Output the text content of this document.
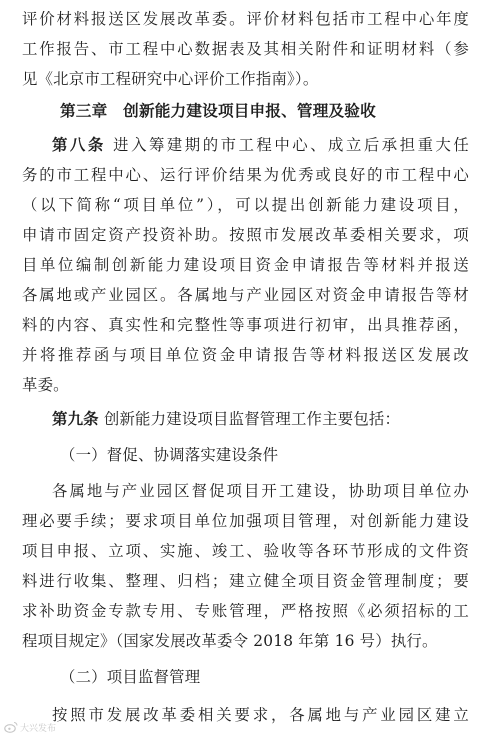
评价材料报送区发展改革委。评价材料包括市工程中心年度
工作报告、市工程中心数据表及其相关附件和证明材料（参
见《北京市工程研究中心评价工作指南》）。
第三章　创新能力建设项目申报、管理及验收
第八条 进入筹建期的市工程中心、成立后承担重大任
务的市工程中心、运行评价结果为优秀或良好的市工程中心
（以下简称“项目单位”），可以提出创新能力建设项目，
申请市固定资产投资补助。按照市发展改革委相关要求，项
目单位编制创新能力建设项目资金申请报告等材料并报送
各属地或产业园区。各属地与产业园区对资金申请报告等材
料的内容、真实性和完整性等事项进行初审，出具推荐函，
并将推荐函与项目单位资金申请报告等材料报送区发展改
革委。
第九条 创新能力建设项目监督管理工作主要包括：
（一）督促、协调落实建设条件
各属地与产业园区督促项目开工建设，协助项目单位办
理必要手续；要求项目单位加强项目管理，对创新能力建设
项目申报、立项、实施、竣工、验收等各环节形成的文件资
料进行收集、整理、归档；建立健全项目资金管理制度；要
求补助资金专款专用、专账管理，严格按照《必须招标的工
程项目规定》（国家发展改革委令 2018 年第 16 号）执行。
（二）项目监督管理
按照市发展改革委相关要求，各属地与产业园区建立
大兴发布
